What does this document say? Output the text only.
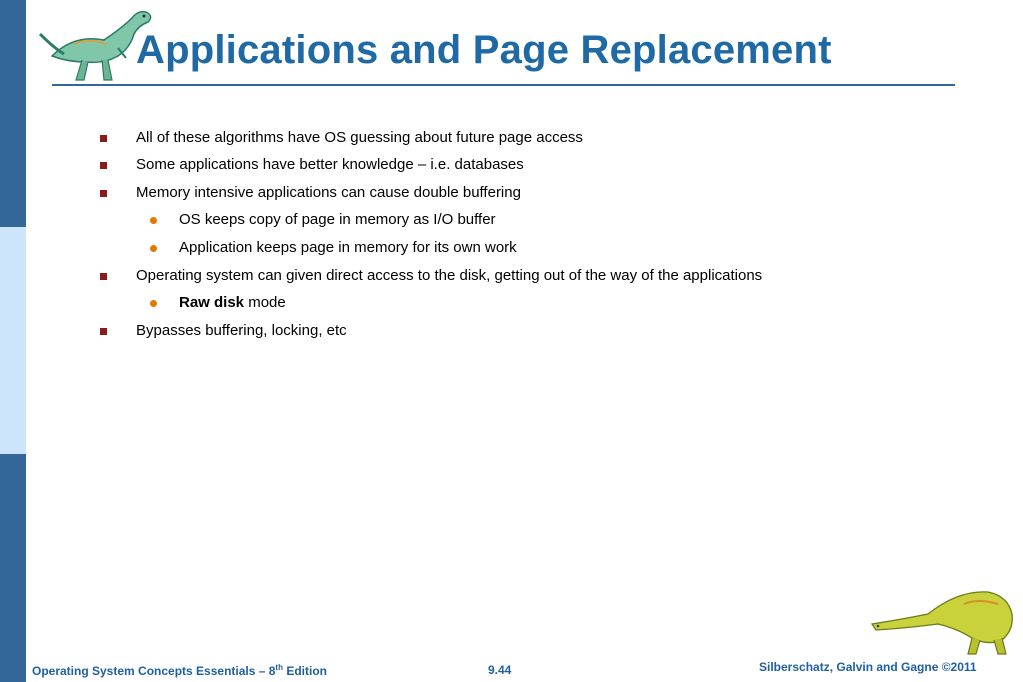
Applications and Page Replacement
All of these algorithms have OS guessing about future page access
Some applications have better knowledge – i.e. databases
Memory intensive applications can cause double buffering
OS keeps copy of page in memory as I/O buffer
Application keeps page in memory for its own work
Operating system can given direct access to the disk, getting out of the way of the applications
Raw disk mode
Bypasses buffering, locking, etc
Operating System Concepts Essentials – 8th Edition	9.44	Silberschatz, Galvin and Gagne ©2011
